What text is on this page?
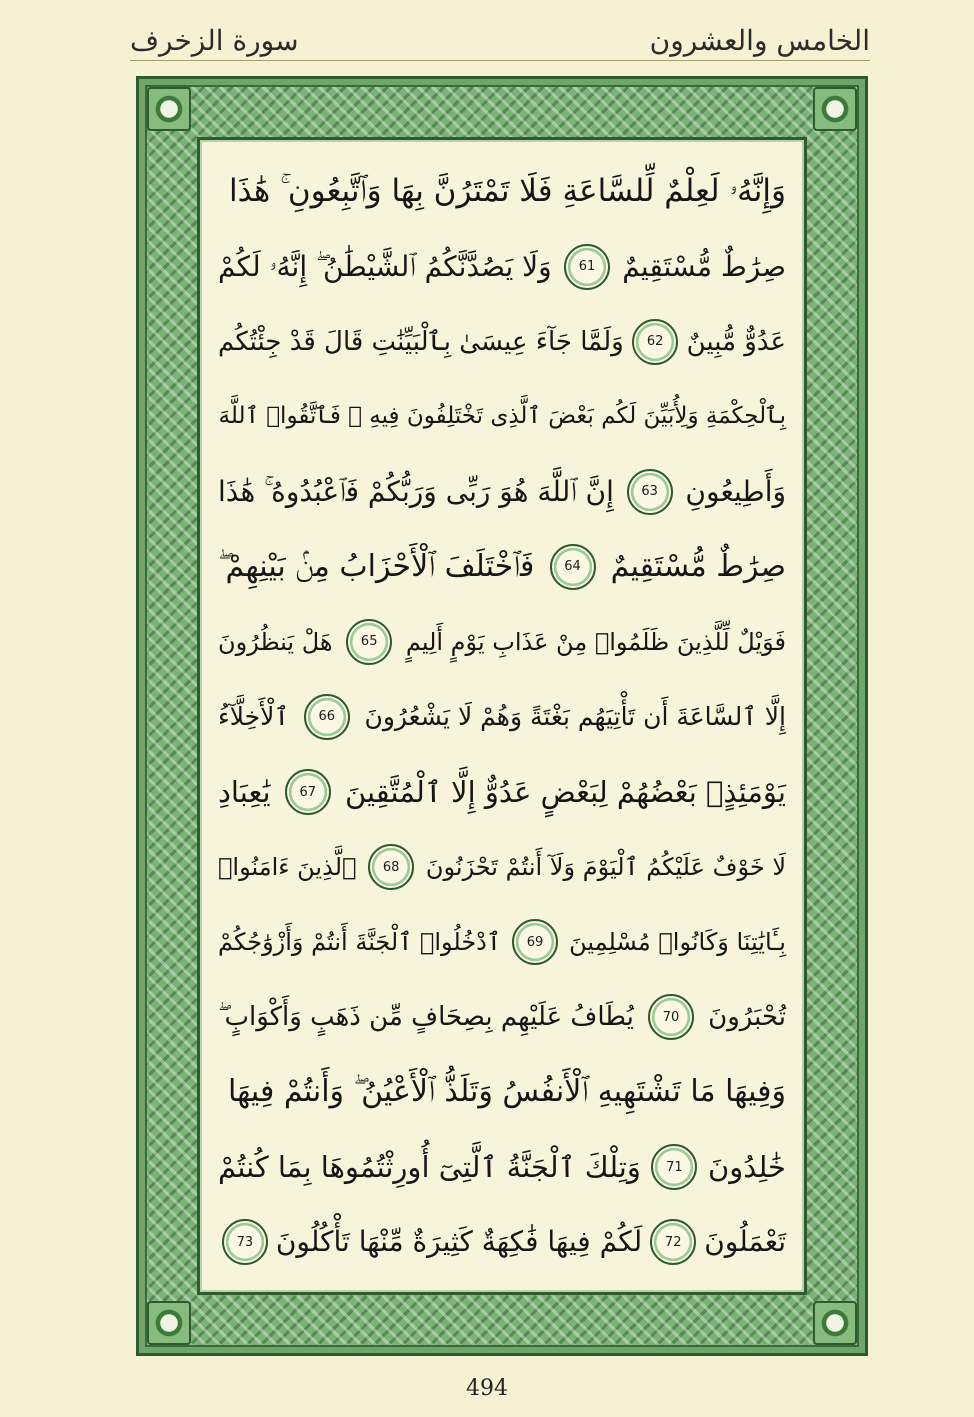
سورة الزخرف	الخامس والعشرون
وَإِنَّهُۥ لَعِلْمٌ لِّلسَّاعَةِ فَلَا تَمْتَرُنَّ بِهَا وَٱتَّبِعُونِ ۚ هَٰذَا
صِرَٰطٌ مُّسْتَقِيمٌ
61
وَلَا يَصُدَّنَّكُمُ ٱلشَّيْطَٰنُ ۖ إِنَّهُۥ لَكُمْ
عَدُوٌّ مُّبِينٌ
62
وَلَمَّا جَآءَ عِيسَىٰ بِٱلْبَيِّنَٰتِ قَالَ قَدْ جِئْتُكُم
بِٱلْحِكْمَةِ وَلِأُبَيِّنَ لَكُم بَعْضَ ٱلَّذِى تَخْتَلِفُونَ فِيهِ ۖ فَٱتَّقُوا۟ ٱللَّهَ
وَأَطِيعُونِ
63
إِنَّ ٱللَّهَ هُوَ رَبِّى وَرَبُّكُمْ فَٱعْبُدُوهُ ۚ هَٰذَا
صِرَٰطٌ مُّسْتَقِيمٌ
64
فَٱخْتَلَفَ ٱلْأَحْزَابُ مِنۢ بَيْنِهِمْ ۖ
فَوَيْلٌ لِّلَّذِينَ ظَلَمُوا۟ مِنْ عَذَابِ يَوْمٍ أَلِيمٍ
65
هَلْ يَنظُرُونَ
إِلَّا ٱلسَّاعَةَ أَن تَأْتِيَهُم بَغْتَةً وَهُمْ لَا يَشْعُرُونَ
66
ٱلْأَخِلَّآءُ
يَوْمَئِذٍۭ بَعْضُهُمْ لِبَعْضٍ عَدُوٌّ إِلَّا ٱلْمُتَّقِينَ
67
يَٰعِبَادِ
لَا خَوْفٌ عَلَيْكُمُ ٱلْيَوْمَ وَلَآ أَنتُمْ تَحْزَنُونَ
68
ٱلَّذِينَ ءَامَنُوا۟
بِـَٔايَٰتِنَا وَكَانُوا۟ مُسْلِمِينَ
69
ٱدْخُلُوا۟ ٱلْجَنَّةَ أَنتُمْ وَأَزْوَٰجُكُمْ
تُحْبَرُونَ
70
يُطَافُ عَلَيْهِم بِصِحَافٍ مِّن ذَهَبٍ وَأَكْوَابٍ ۖ
وَفِيهَا مَا تَشْتَهِيهِ ٱلْأَنفُسُ وَتَلَذُّ ٱلْأَعْيُنُ ۖ وَأَنتُمْ فِيهَا
خَٰلِدُونَ
71
وَتِلْكَ ٱلْجَنَّةُ ٱلَّتِىٓ أُورِثْتُمُوهَا بِمَا كُنتُمْ
تَعْمَلُونَ
72
لَكُمْ فِيهَا فَٰكِهَةٌ كَثِيرَةٌ مِّنْهَا تَأْكُلُونَ
73
494
